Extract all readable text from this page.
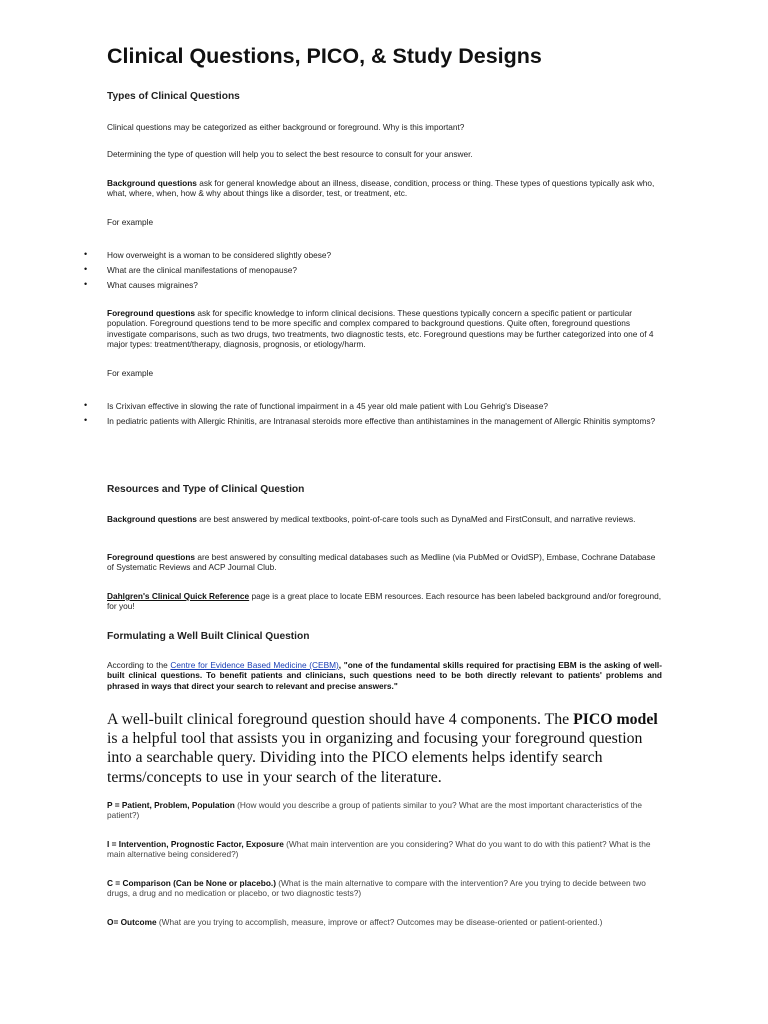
Clinical Questions, PICO, & Study Designs
Types of Clinical Questions

Clinical questions may be categorized as either background or foreground. Why is this important?

Determining the type of question will help you to select the best resource to consult for your answer.

Background questions ask for general knowledge about an illness, disease, condition, process or thing. These types of questions typically ask who, what, where, when, how & why about things like a disorder, test, or treatment, etc.

For example

• How overweight is a woman to be considered slightly obese?
• What are the clinical manifestations of menopause?
• What causes migraines?

Foreground questions ask for specific knowledge to inform clinical decisions. These questions typically concern a specific patient or particular population. Foreground questions tend to be more specific and complex compared to background questions. Quite often, foreground questions investigate comparisons, such as two drugs, two treatments, two diagnostic tests, etc. Foreground questions may be further categorized into one of 4 major types: treatment/therapy, diagnosis, prognosis, or etiology/harm.

For example

• Is Crixivan effective in slowing the rate of functional impairment in a 45 year old male patient with Lou Gehrig's Disease?
• In pediatric patients with Allergic Rhinitis, are Intranasal steroids more effective than antihistamines in the management of Allergic Rhinitis symptoms?
Resources and Type of Clinical Question

Background questions are best answered by medical textbooks, point-of-care tools such as DynaMed and FirstConsult, and narrative reviews.

Foreground questions are best answered by consulting medical databases such as Medline (via PubMed or OvidSP), Embase, Cochrane Database of Systematic Reviews and ACP Journal Club.

Dahlgren's Clinical Quick Reference page is a great place to locate EBM resources. Each resource has been labeled background and/or foreground, for you!

Formulating a Well Built Clinical Question

According to the Centre for Evidence Based Medicine (CEBM), "one of the fundamental skills required for practising EBM is the asking of well-built clinical questions. To benefit patients and clinicians, such questions need to be both directly relevant to patients' problems and phrased in ways that direct your search to relevant and precise answers."

A well-built clinical foreground question should have 4 components. The PICO model is a helpful tool that assists you in organizing and focusing your foreground question into a searchable query. Dividing into the PICO elements helps identify search terms/concepts to use in your search of the literature.

P = Patient, Problem, Population (How would you describe a group of patients similar to you? What are the most important characteristics of the patient?)

I = Intervention, Prognostic Factor, Exposure (What main intervention are you considering? What do you want to do with this patient? What is the main alternative being considered?)

C = Comparison (Can be None or placebo.) (What is the main alternative to compare with the intervention? Are you trying to decide between two drugs, a drug and no medication or placebo, or two diagnostic tests?)

O= Outcome (What are you trying to accomplish, measure, improve or affect? Outcomes may be disease-oriented or patient-oriented.)
